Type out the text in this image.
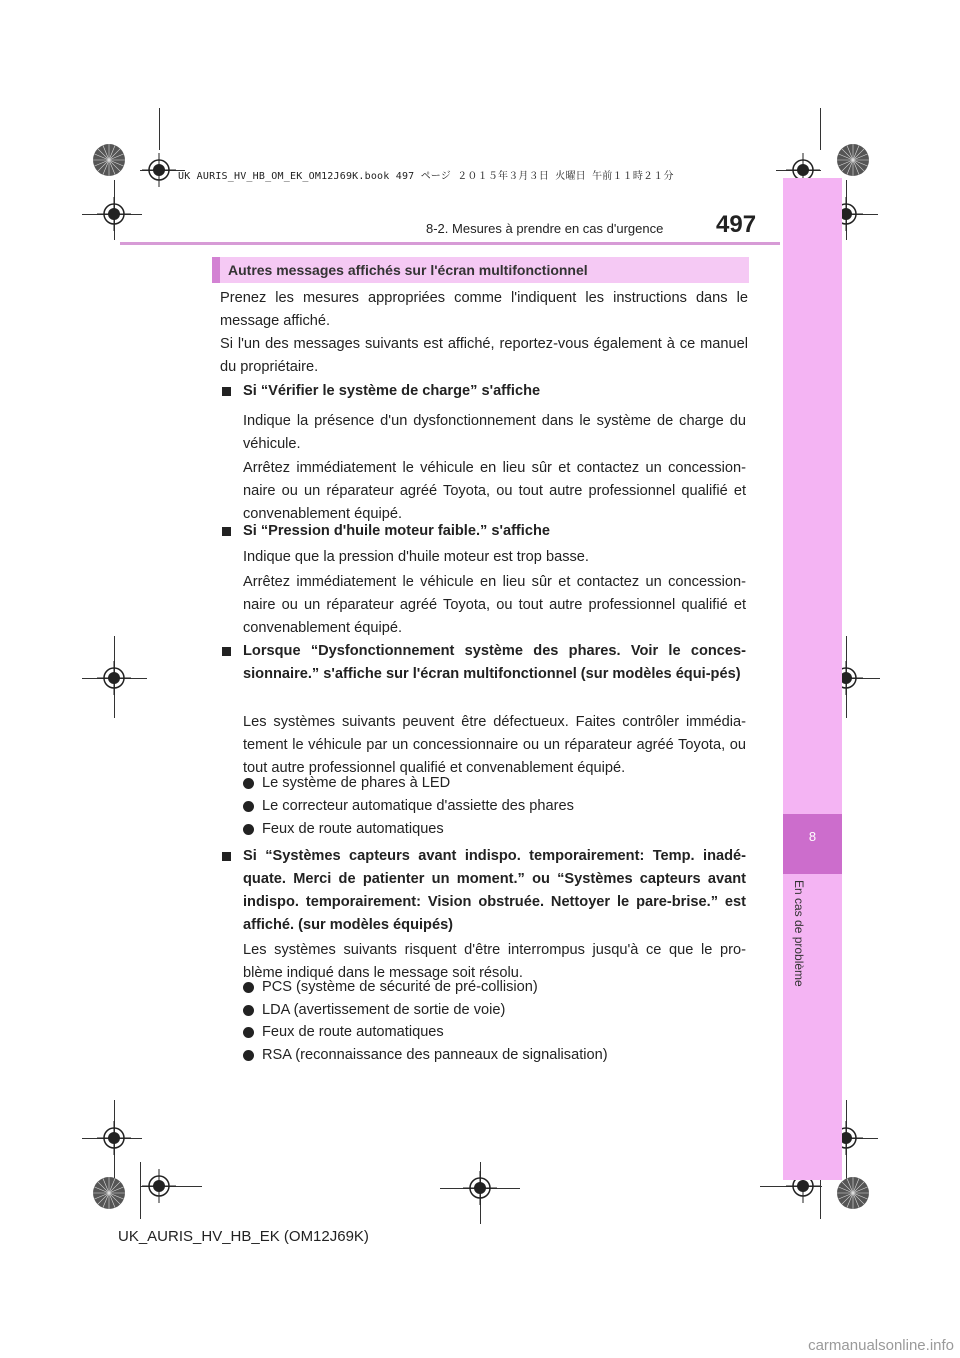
UK AURIS_HV_HB_OM_EK_OM12J69K.book 497 ページ ２０１５年３月３日 火曜日 午前１１時２１分
8-2. Mesures à prendre en cas d'urgence 497
8
En cas de problème
Autres messages affichés sur l'écran multifonctionnel
Prenez les mesures appropriées comme l'indiquent les instructions dans le message affiché.
Si l'un des messages suivants est affiché, reportez-vous également à ce manuel du propriétaire.
Si “Vérifier le système de charge” s'affiche
Indique la présence d'un dysfonctionnement dans le système de charge du véhicule.
Arrêtez immédiatement le véhicule en lieu sûr et contactez un concession-naire ou un réparateur agréé Toyota, ou tout autre professionnel qualifié et convenablement équipé.
Si “Pression d'huile moteur faible.” s'affiche
Indique que la pression d'huile moteur est trop basse.
Arrêtez immédiatement le véhicule en lieu sûr et contactez un concession-naire ou un réparateur agréé Toyota, ou tout autre professionnel qualifié et convenablement équipé.
Lorsque “Dysfonctionnement système des phares. Voir le conces-sionnaire.” s'affiche sur l'écran multifonctionnel (sur modèles équi-pés)
Les systèmes suivants peuvent être défectueux. Faites contrôler immédia-tement le véhicule par un concessionnaire ou un réparateur agréé Toyota, ou tout autre professionnel qualifié et convenablement équipé.
Le système de phares à LED
Le correcteur automatique d'assiette des phares
Feux de route automatiques
Si “Systèmes capteurs avant indispo. temporairement: Temp. inadé-quate. Merci de patienter un moment.” ou “Systèmes capteurs avant indispo. temporairement: Vision obstruée. Nettoyer le pare-brise.” est affiché. (sur modèles équipés)
Les systèmes suivants risquent d'être interrompus jusqu'à ce que le pro-blème indiqué dans le message soit résolu.
PCS (système de sécurité de pré-collision)
LDA (avertissement de sortie de voie)
Feux de route automatiques
RSA (reconnaissance des panneaux de signalisation)
UK_AURIS_HV_HB_EK (OM12J69K)
carmanualsonline.info
